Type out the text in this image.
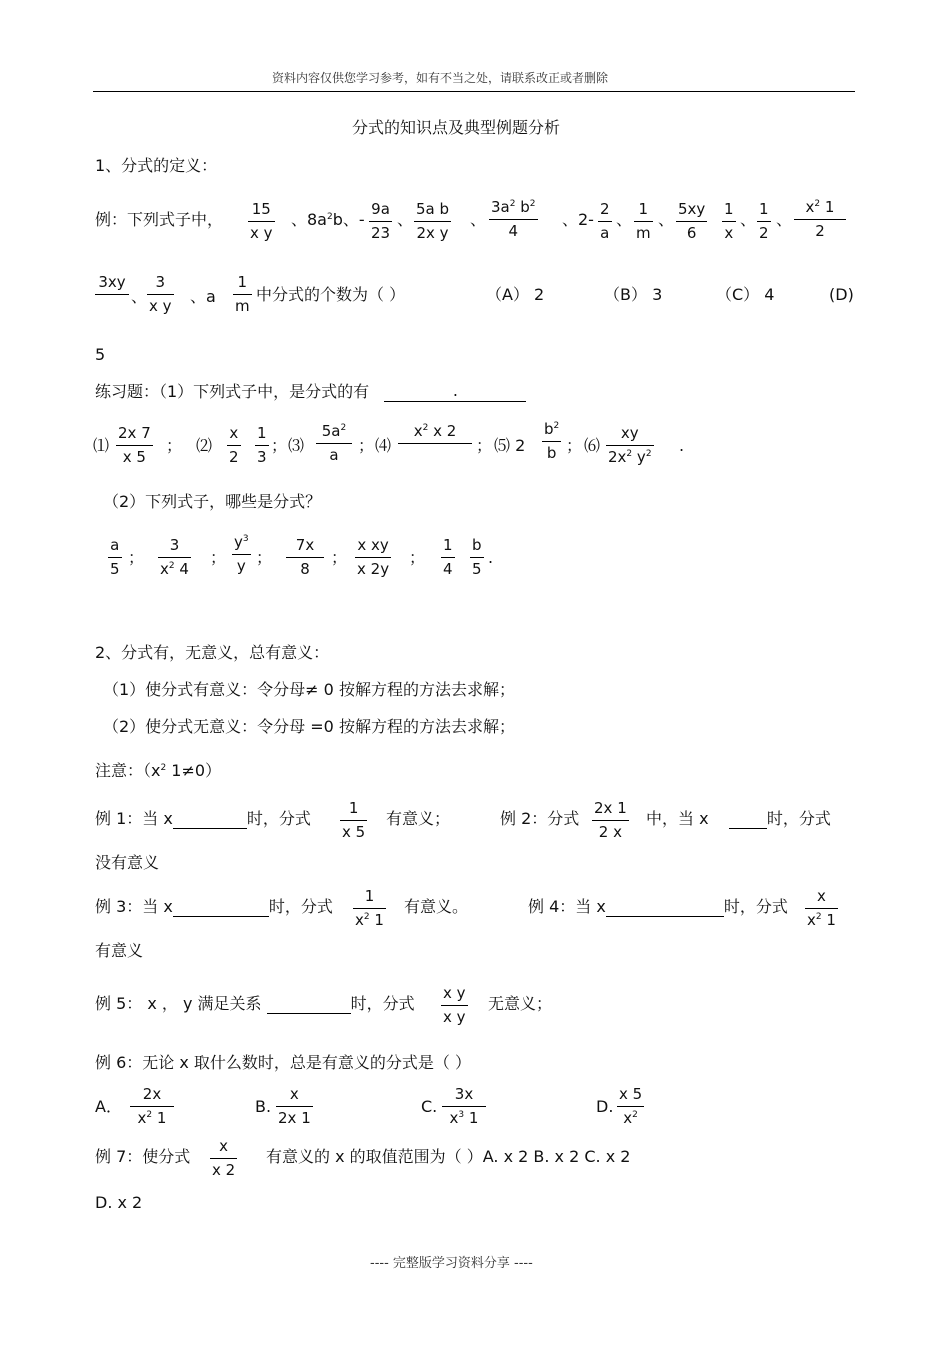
资料内容仅供您学习参考，如有不当之处，请联系改正或者删除
分式的知识点及典型例题分析
1、分式的定义：
例：下列式子中，
15
x y
、$8a^2b$、-
9a
23
、
5a b
2x y
、
$3a^2$ $b^2$
4
、2-
2
a
、
1
m
、
5xy
6
1
x
、
1
2
、
$x^2$ 1
2
3xy

、
3
x y 、a
1
m
中分式的个数为（ ）	（A） 2	（B） 3	（C） 4	(D)
5
练习题：（1）下列式子中，是分式的有	.
⑴
2x 7
x 5
； ⑵
x
2
1
3
； ⑶
$5a^2$
a ； ⑷
$x^2$ x 2

； ⑸ 2
$b^2$
b ； ⑹
xy
$2x^2$ $y^2$ .
（2）下列式子，哪些是分式？
a
5
；
3
$x^2$ 4
；
$y^3$
y ；
7x
8
；
x xy
x 2y
；
1
4
b
5
.
2、分式有，无意义，总有意义：
（1）使分式有意义：令分母≠ 0 按解方程的方法去求解；
（2）使分式无意义：令分母 =0 按解方程的方法去求解；
注意：（$x^2$ 1≠0）
例 1：当 x	时，分式
1
x 5
有意义；	例 2：分式
2x 1
2 x
中，当 x	时，分式
没有意义
例 3：当 x	时，分式
1
$x^2$ 1
有意义。	例 4：当 x	时，分式
x
$x^2$ 1
有意义
例 5： x ， y 满足关系	时，分式
x y
x y
无意义；
例 6：无论 x 取什么数时，总是有意义的分式是（ ）
A．
2x
$x^2$ 1
B.
x
2x 1
C.
3x
$x^3$ 1
D.
x 5
$x^2$
例 7：使分式
x
x 2
有意义的 x 的取值范围为（ ）A. x 2 B. x 2 C. x 2
D. x 2
---- 完整版学习资料分享 ----
